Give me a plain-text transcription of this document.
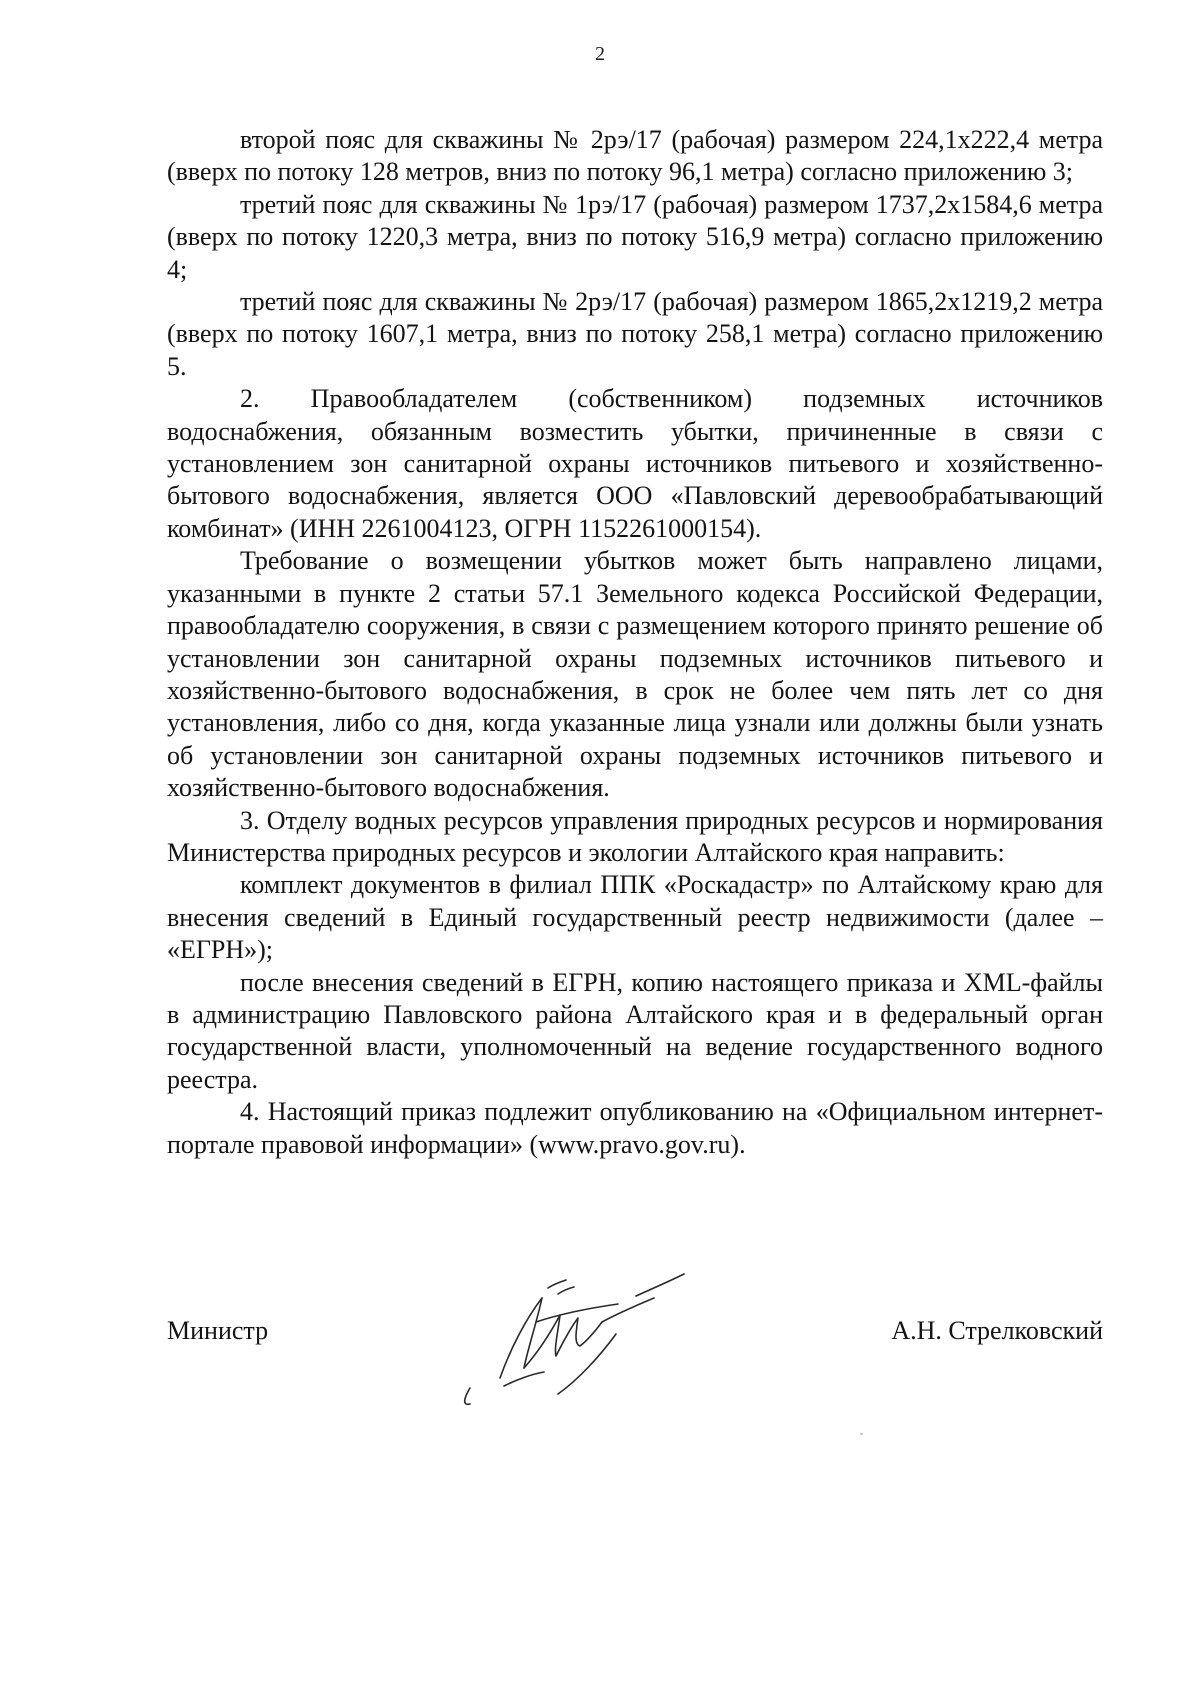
2

второй пояс для скважины № 2рэ/17 (рабочая) размером 224,1х222,4 метра (вверх по потоку 128 метров, вниз по потоку 96,1 метра) согласно приложению 3;

третий пояс для скважины № 1рэ/17 (рабочая) размером 1737,2х1584,6 метра (вверх по потоку 1220,3 метра, вниз по потоку 516,9 метра) согласно приложению 4;

третий пояс для скважины № 2рэ/17 (рабочая) размером 1865,2х1219,2 метра (вверх по потоку 1607,1 метра, вниз по потоку 258,1 метра) согласно приложению 5.

2. Правообладателем (собственником) подземных источников водоснабжения, обязанным возместить убытки, причиненные в связи с установлением зон санитарной охраны источников питьевого и хозяйственно-бытового водоснабжения, является ООО «Павловский деревообрабатывающий комбинат» (ИНН 2261004123, ОГРН 1152261000154).

Требование о возмещении убытков может быть направлено лицами, указанными в пункте 2 статьи 57.1 Земельного кодекса Российской Федерации, правообладателю сооружения, в связи с размещением которого принято решение об установлении зон санитарной охраны подземных источников питьевого и хозяйственно-бытового водоснабжения, в срок не более чем пять лет со дня установления, либо со дня, когда указанные лица узнали или должны были узнать об установлении зон санитарной охраны подземных источников питьевого и хозяйственно-бытового водоснабжения.

3. Отделу водных ресурсов управления природных ресурсов и нормирования Министерства природных ресурсов и экологии Алтайского края направить:

комплект документов в филиал ППК «Роскадастр» по Алтайскому краю для внесения сведений в Единый государственный реестр недвижимости (далее – «ЕГРН»);

после внесения сведений в ЕГРН, копию настоящего приказа и XML-файлы в администрацию Павловского района Алтайского края и в федеральный орган государственной власти, уполномоченный на ведение государственного водного реестра.

4. Настоящий приказ подлежит опубликованию на «Официальном интернет-портале правовой информации» (www.pravo.gov.ru).

Министр	А.Н. Стрелковский
